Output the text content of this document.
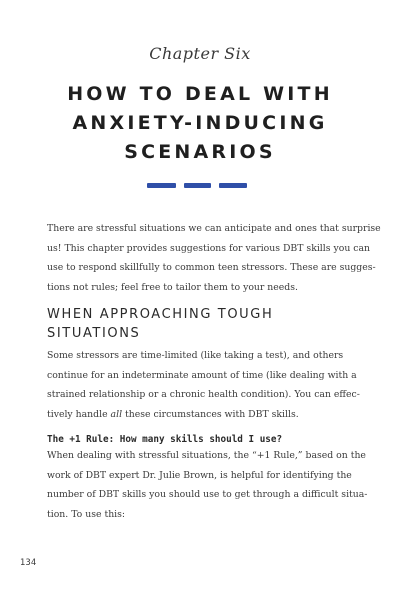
Chapter Six
HOW TO DEAL WITH
ANXIETY-INDUCING
SCENARIOS
There are stressful situations we can anticipate and ones that surprise
us! This chapter provides suggestions for various DBT skills you can
use to respond skillfully to common teen stressors. These are sugges-
tions not rules; feel free to tailor them to your needs.
WHEN APPROACHING TOUGH
SITUATIONS
Some stressors are time-limited (like taking a test), and others
continue for an indeterminate amount of time (like dealing with a
strained relationship or a chronic health condition). You can effec-
tively handle all these circumstances with DBT skills.
The +1 Rule: How many skills should I use?
When dealing with stressful situations, the “+1 Rule,” based on the
work of DBT expert Dr. Julie Brown, is helpful for identifying the
number of DBT skills you should use to get through a difficult situa-
tion. To use this:
134
